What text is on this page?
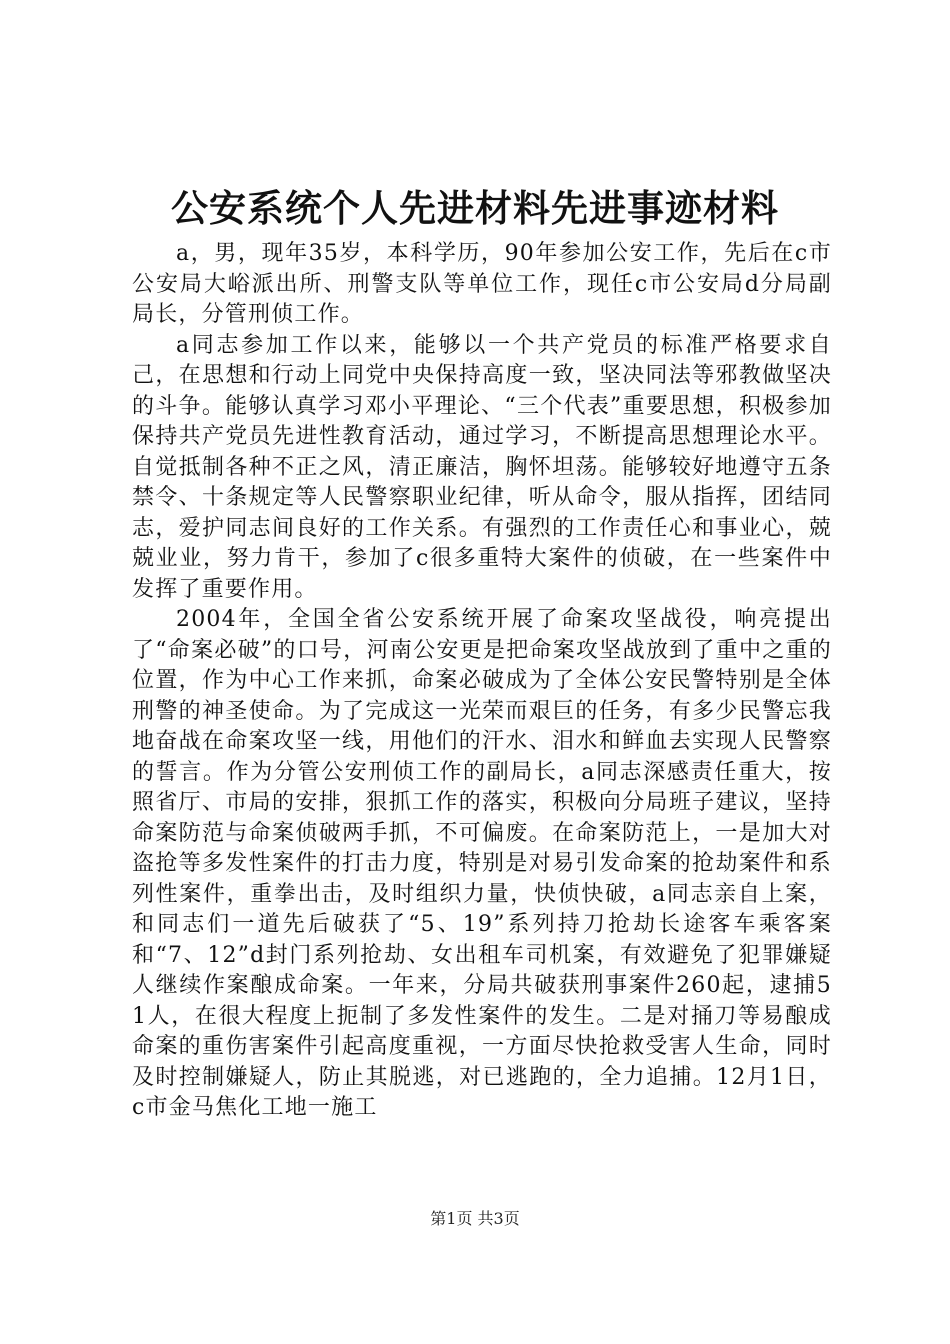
公安系统个人先进材料先进事迹材料

a，男，现年35岁，本科学历，90年参加公安工作，先后在c市公安局大峪派出所、刑警支队等单位工作，现任c市公安局d分局副局长，分管刑侦工作。

a同志参加工作以来，能够以一个共产党员的标准严格要求自己，在思想和行动上同党中央保持高度一致，坚决同法等邪教做坚决的斗争。能够认真学习邓小平理论、“三个代表”重要思想，积极参加保持共产党员先进性教育活动，通过学习，不断提高思想理论水平。自觉抵制各种不正之风，清正廉洁，胸怀坦荡。能够较好地遵守五条禁令、十条规定等人民警察职业纪律，听从命令，服从指挥，团结同志，爱护同志间良好的工作关系。有强烈的工作责任心和事业心，兢兢业业，努力肯干，参加了c很多重特大案件的侦破，在一些案件中发挥了重要作用。

2004年，全国全省公安系统开展了命案攻坚战役，响亮提出了“命案必破”的口号，河南公安更是把命案攻坚战放到了重中之重的位置，作为中心工作来抓，命案必破成为了全体公安民警特别是全体刑警的神圣使命。为了完成这一光荣而艰巨的任务，有多少民警忘我地奋战在命案攻坚一线，用他们的汗水、泪水和鲜血去实现人民警察的誓言。作为分管公安刑侦工作的副局长，a同志深感责任重大，按照省厅、市局的安排，狠抓工作的落实，积极向分局班子建议，坚持命案防范与命案侦破两手抓，不可偏废。在命案防范上，一是加大对盗抢等多发性案件的打击力度，特别是对易引发命案的抢劫案件和系列性案件，重拳出击，及时组织力量，快侦快破，a同志亲自上案，和同志们一道先后破获了“5、19”系列持刀抢劫长途客车乘客案和“7、12”d封门系列抢劫、女出租车司机案，有效避免了犯罪嫌疑人继续作案酿成命案。一年来，分局共破获刑事案件260起，逮捕51人，在很大程度上扼制了多发性案件的发生。二是对捅刀等易酿成命案的重伤害案件引起高度重视，一方面尽快抢救受害人生命，同时及时控制嫌疑人，防止其脱逃，对已逃跑的，全力追捕。12月1日，c市金马焦化工地一施工

第1页 共3页
